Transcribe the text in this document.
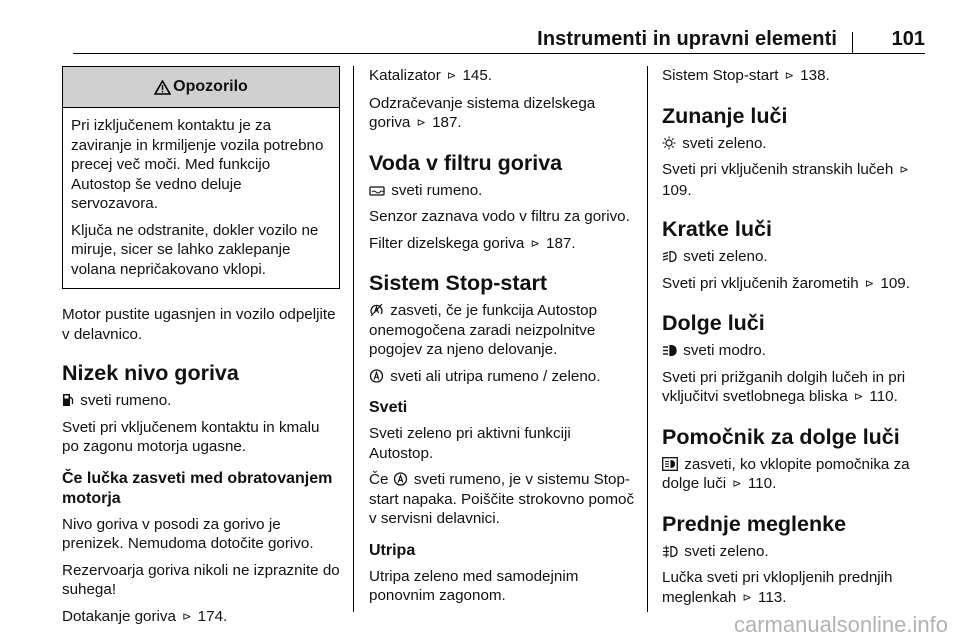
Instrumenti in upravni elementi	101
Opozorilo

Pri izključenem kontaktu je za zaviranje in krmiljenje vozila potrebno precej več moči. Med funkcijo Autostop še vedno deluje servozavora.

Ključa ne odstranite, dokler vozilo ne miruje, sicer se lahko zaklepanje volana nepričakovano vklopi.

Motor pustite ugasnjen in vozilo odpeljite v delavnico.

Nizek nivo goriva

sveti rumeno.

Sveti pri vključenem kontaktu in kmalu po zagonu motorja ugasne.

Če lučka zasveti med obratovanjem motorja

Nivo goriva v posodi za gorivo je prenizek. Nemudoma dotočite gorivo.

Rezervoarja goriva nikoli ne izpraznite do suhega!

Dotakanje goriva ⊳ 174.

Katalizator ⊳ 145.

Odzračevanje sistema dizelskega goriva ⊳ 187.

Voda v filtru goriva

sveti rumeno.

Senzor zaznava vodo v filtru za gorivo.

Filter dizelskega goriva ⊳ 187.

Sistem Stop-start

zasveti, če je funkcija Autostop onemogočena zaradi neizpolnitve pogojev za njeno delovanje.

sveti ali utripa rumeno / zeleno.

Sveti

Sveti zeleno pri aktivni funkciji Autostop.

Če sveti rumeno, je v sistemu Stop-start napaka. Poiščite strokovno pomoč v servisni delavnici.

Utripa

Utripa zeleno med samodejnim ponovnim zagonom.

Sistem Stop-start ⊳ 138.

Zunanje luči

sveti zeleno.

Sveti pri vključenih stranskih lučeh ⊳ 109.

Kratke luči

sveti zeleno.

Sveti pri vključenih žarometih ⊳ 109.

Dolge luči

sveti modro.

Sveti pri prižganih dolgih lučeh in pri vključitvi svetlobnega bliska ⊳ 110.

Pomočnik za dolge luči

zasveti, ko vklopite pomočnika za dolge luči ⊳ 110.

Prednje meglenke

sveti zeleno.

Lučka sveti pri vklopljenih prednjih meglenkah ⊳ 113.

carmanualsonline.info
